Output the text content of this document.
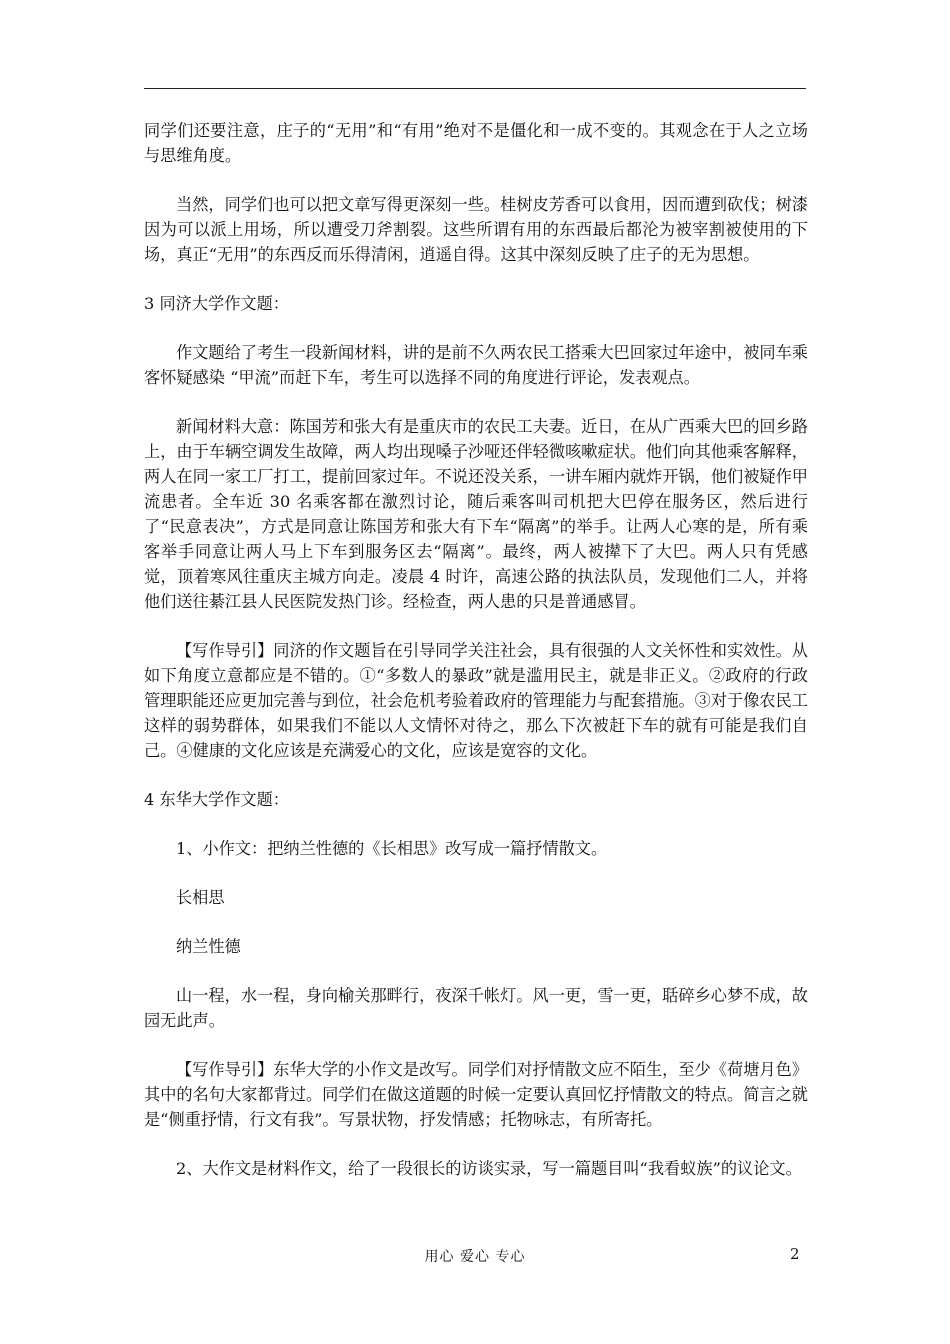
同学们还要注意，庄子的“无用”和“有用”绝对不是僵化和一成不变的。其观念在于人之立场与思维角度。

当然，同学们也可以把文章写得更深刻一些。桂树皮芳香可以食用，因而遭到砍伐；树漆因为可以派上用场，所以遭受刀斧割裂。这些所谓有用的东西最后都沦为被宰割被使用的下场，真正“无用”的东西反而乐得清闲，逍遥自得。这其中深刻反映了庄子的无为思想。

3 同济大学作文题：

作文题给了考生一段新闻材料，讲的是前不久两农民工搭乘大巴回家过年途中，被同车乘客怀疑感染 “甲流”而赶下车，考生可以选择不同的角度进行评论，发表观点。

新闻材料大意：陈国芳和张大有是重庆市的农民工夫妻。近日，在从广西乘大巴的回乡路上，由于车辆空调发生故障，两人均出现嗓子沙哑还伴轻微咳嗽症状。他们向其他乘客解释，两人在同一家工厂打工，提前回家过年。不说还没关系，一讲车厢内就炸开锅，他们被疑作甲流患者。全车近 30 名乘客都在激烈讨论，随后乘客叫司机把大巴停在服务区，然后进行了“民意表决”，方式是同意让陈国芳和张大有下车“隔离”的举手。让两人心寒的是，所有乘客举手同意让两人马上下车到服务区去“隔离”。最终，两人被撵下了大巴。两人只有凭感觉，顶着寒风往重庆主城方向走。凌晨 4 时许，高速公路的执法队员，发现他们二人，并将他们送往綦江县人民医院发热门诊。经检查，两人患的只是普通感冒。

【写作导引】同济的作文题旨在引导同学关注社会，具有很强的人文关怀性和实效性。从如下角度立意都应是不错的。①“多数人的暴政”就是滥用民主，就是非正义。②政府的行政管理职能还应更加完善与到位，社会危机考验着政府的管理能力与配套措施。③对于像农民工这样的弱势群体，如果我们不能以人文情怀对待之，那么下次被赶下车的就有可能是我们自己。④健康的文化应该是充满爱心的文化，应该是宽容的文化。

4 东华大学作文题：

1、小作文：把纳兰性德的《长相思》改写成一篇抒情散文。

长相思

纳兰性德

山一程，水一程，身向榆关那畔行，夜深千帐灯。风一更，雪一更，聒碎乡心梦不成，故园无此声。

【写作导引】东华大学的小作文是改写。同学们对抒情散文应不陌生，至少《荷塘月色》其中的名句大家都背过。同学们在做这道题的时候一定要认真回忆抒情散文的特点。简言之就是“侧重抒情，行文有我”。写景状物，抒发情感；托物咏志，有所寄托。

2、大作文是材料作文，给了一段很长的访谈实录，写一篇题目叫“我看蚁族”的议论文。

用心 爱心 专心	2
